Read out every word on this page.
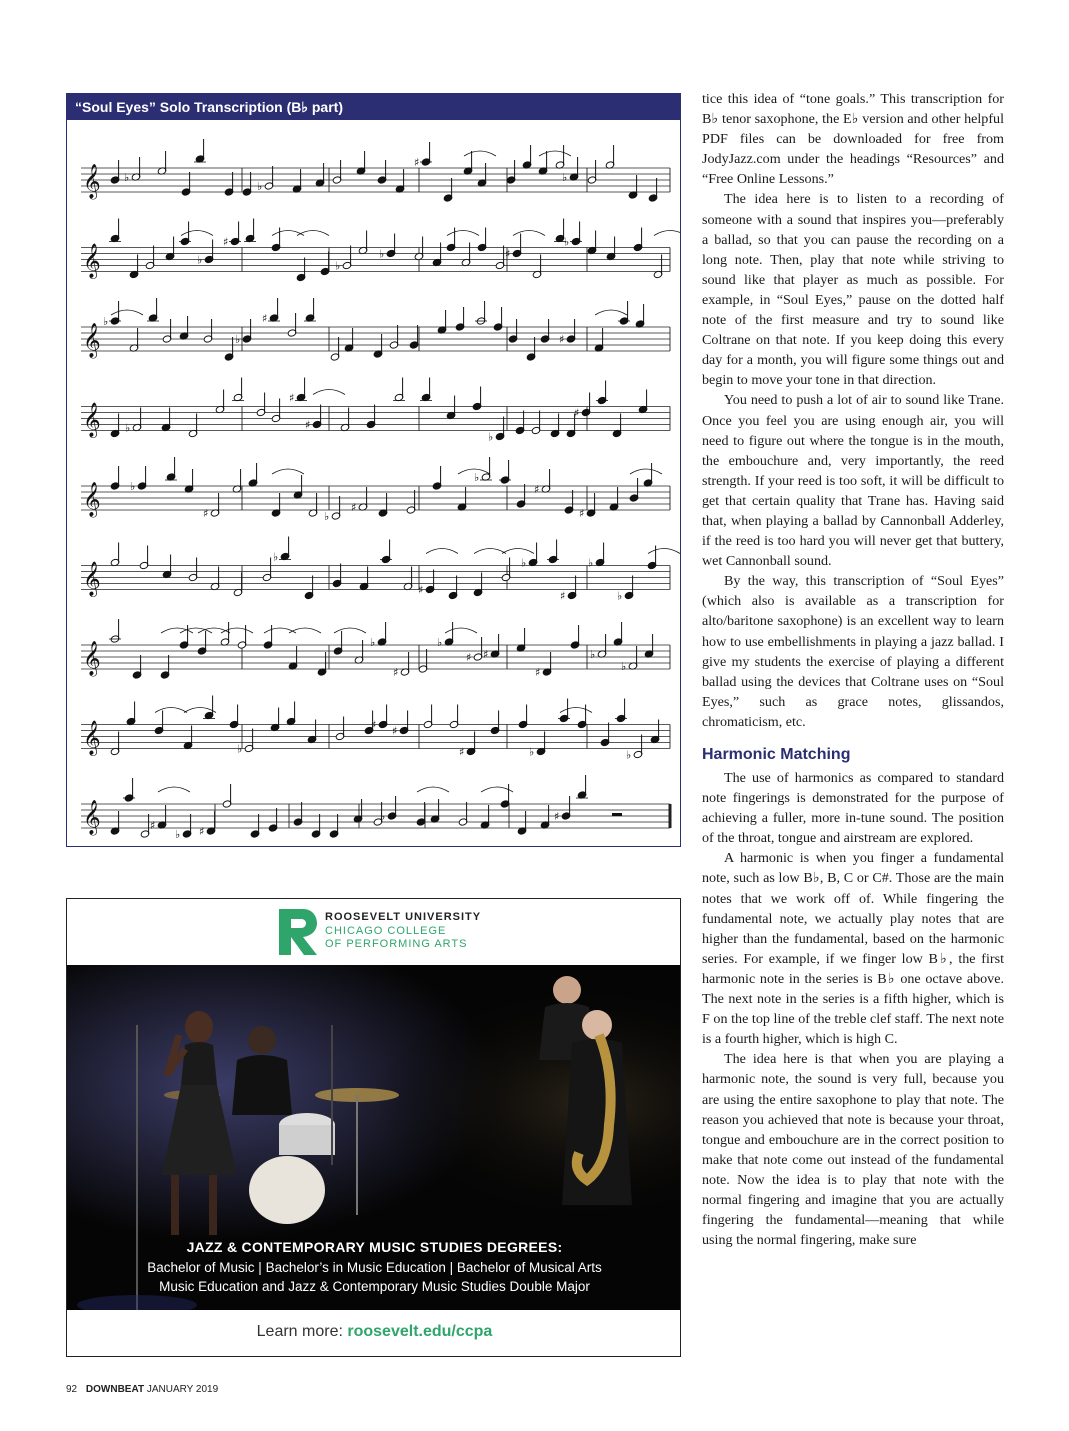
“Soul Eyes” Solo Transcription (B♭ part)
𝄞 ♭
♭
♯
♭
𝄞	♭
♯
♭
♭	♯
♭
𝄞
♭
♭
♯
♯
𝄞 ♭
♯
♯
♭
♯
𝄞	♭
♯	♭
♯
♭
♯
♯
𝄞
♭
♯
♭
♯
♭
♭
𝄞	♭
♯
♭
♯ ♯
♯
♭
♭
𝄞	♭
♯ ♯
♯	♭	♭
𝄞	♯
♭ ♯
♭	♯
ROOSEVELT UNIVERSITY
CHICAGO COLLEGE
OF PERFORMING ARTS
JAZZ & CONTEMPORARY MUSIC STUDIES DEGREES:
Bachelor of Music | Bachelor’s in Music Education | Bachelor of Musical Arts
Music Education and Jazz & Contemporary Music Studies Double Major
Learn more: roosevelt.edu/ccpa

tice this idea of “tone goals.” This transcription for B♭ tenor saxophone, the E♭ version and other helpful PDF files can be downloaded for free from JodyJazz.com under the headings “Resources” and “Free Online Lessons.”

The idea here is to listen to a recording of someone with a sound that inspires you—preferably a ballad, so that you can pause the recording on a long note. Then, play that note while striving to sound like that player as much as possible. For example, in “Soul Eyes,” pause on the dotted half note of the first measure and try to sound like Coltrane on that note. If you keep doing this every day for a month, you will figure some things out and begin to move your tone in that direction.

You need to push a lot of air to sound like Trane. Once you feel you are using enough air, you will need to figure out where the tongue is in the mouth, the embouchure and, very importantly, the reed strength. If your reed is too soft, it will be difficult to get that certain quality that Trane has. Having said that, when playing a ballad by Cannonball Adderley, if the reed is too hard you will never get that buttery, wet Cannonball sound.

By the way, this transcription of “Soul Eyes” (which also is available as a transcription for alto/baritone saxophone) is an excellent way to learn how to use embellishments in playing a jazz ballad. I give my students the exercise of playing a different ballad using the devices that Coltrane uses on “Soul Eyes,” such as grace notes, glissandos, chromaticism, etc.

Harmonic Matching

The use of harmonics as compared to standard note fingerings is demonstrated for the purpose of achieving a fuller, more in-tune sound. The position of the throat, tongue and airstream are explored.

A harmonic is when you finger a fundamental note, such as low B♭, B, C or C#. Those are the main notes that we work off of. While fingering the fundamental note, we actually play notes that are higher than the fundamental, based on the harmonic series. For example, if we finger low B♭, the first harmonic note in the series is B♭ one octave above. The next note in the series is a fifth higher, which is F on the top line of the treble clef staff. The next note is a fourth higher, which is high C.

The idea here is that when you are playing a harmonic note, the sound is very full, because you are using the entire saxophone to play that note. The reason you achieved that note is because your throat, tongue and embouchure are in the correct position to make that note come out instead of the fundamental note. Now the idea is to play that note with the normal fingering and imagine that you are actually fingering the fundamental—meaning that while using the normal fingering, make sure

92 DOWNBEAT JANUARY 2019
